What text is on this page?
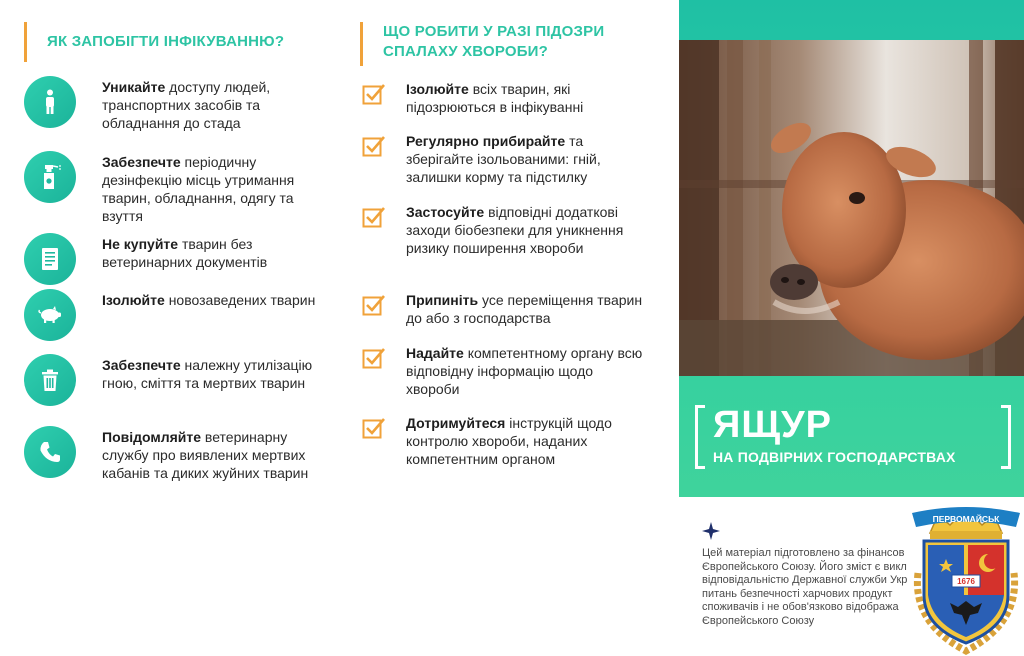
ЯК ЗАПОБІГТИ ІНФІКУВАННЮ?
Уникайте доступу людей, транспортних засобів та обладнання до стада
Забезпечте періодичну дезінфекцію місць утримання тварин, обладнання, одягу та взуття
Не купуйте тварин без ветеринарних документів
Ізолюйте новозаведених тварин
Забезпечте належну утилізацію гною, сміття та мертвих тварин
Повідомляйте ветеринарну службу про виявлених мертвих кабанів та диких жуйних тварин
ЩО РОБИТИ У РАЗІ ПІДОЗРИ
СПАЛАХУ ХВОРОБИ?
Ізолюйте всіх тварин, які підозрюються в інфікуванні
Регулярно прибирайте та зберігайте ізольованими: гній, залишки корму та підстилку
Застосуйте відповідні додаткові заходи біобезпеки для уникнення ризику поширення хвороби
Припиніть усе переміщення тварин до або з господарства
Надайте компетентному органу всю відповідну інформацію щодо хвороби
Дотримуйтеся інструкцій щодо контролю хвороби, наданих компетентним органом
ЯЩУР
НА ПОДВІРНИХ ГОСПОДАРСТВАХ
Цей матеріал підготовлено за фінансов
Європейського Союзу. Його зміст є викл
відповідальністю Державної служби Укр
питань безпечності харчових продукт
споживачів і не обов'язково відобража
Європейського Союзу
ПЕРВОМАЙСЬК
1676
